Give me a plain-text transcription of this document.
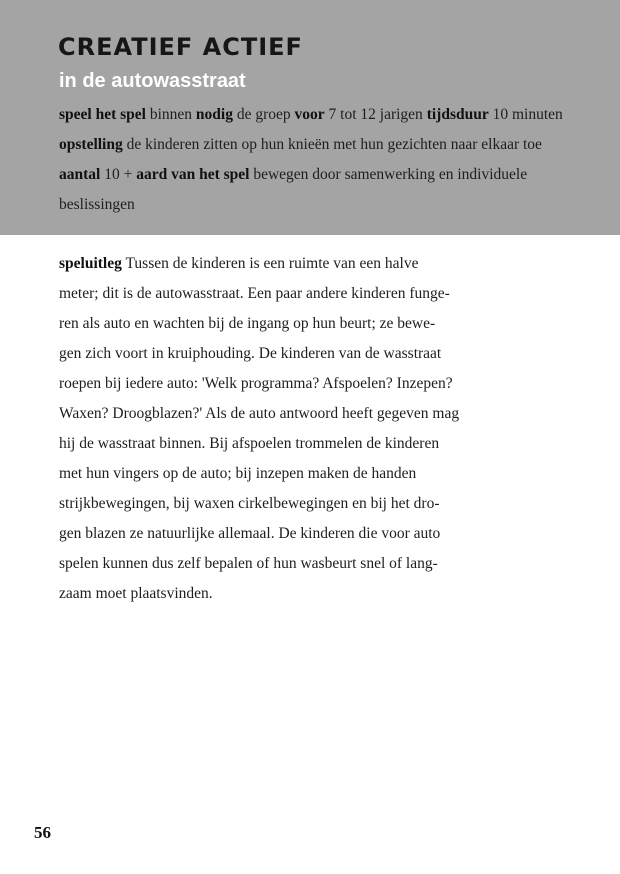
CREATIEF ACTIEF
in de autowasstraat

speel het spel binnen nodig de groep voor 7 tot 12 jarigen tijdsduur 10 minuten opstelling de kinderen zitten op hun knieën met hun gezichten naar elkaar toe aantal 10 + aard van het spel bewegen door samenwerking en individuele beslissingen

speluitleg Tussen de kinderen is een ruimte van een halve
meter; dit is de autowasstraat. Een paar andere kinderen funge-
ren als auto en wachten bij de ingang op hun beurt; ze bewe-
gen zich voort in kruiphouding. De kinderen van de wasstraat
roepen bij iedere auto: 'Welk programma? Afspoelen? Inzepen?
Waxen? Droogblazen?' Als de auto antwoord heeft gegeven mag
hij de wasstraat binnen. Bij afspoelen trommelen de kinderen
met hun vingers op de auto; bij inzepen maken de handen
strijkbewegingen, bij waxen cirkelbewegingen en bij het dro-
gen blazen ze natuurlijke allemaal. De kinderen die voor auto
spelen kunnen dus zelf bepalen of hun wasbeurt snel of lang-
zaam moet plaatsvinden.
56
